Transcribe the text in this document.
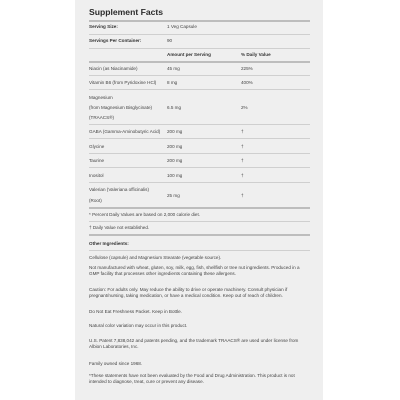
Supplement Facts
Serving Size:	1 Veg Capsule
Servings Per Container:	90
Amount per Serving	% Daily Value
Niacin (as Niacinamide)	45 mg	225%
Vitamin B6 (from Pyridoxine HCl) 8 mg	400%
Magnesium
(from Magnesium Bisglycinate)
(TRAACS®)
6.5 mg	2%
GABA (Gamma-Aminobutyric Acid) 200 mg	†
Glycine	200 mg	†
Taurine	200 mg	†
Inositol	100 mg	†
Valerian (Valeriana officinalis)
(Root)
25 mg	†
* Percent Daily Values are based on 2,000 calorie diet.
† Daily Value not established.
Other Ingredients:
Cellulose (capsule) and Magnesium Stearate (vegetable source).
Not manufactured with wheat, gluten, soy, milk, egg, fish, shellfish or tree nut ingredients. Produced in a GMP facility that processes other ingredients containing these allergens.
Caution: For adults only. May reduce the ability to drive or operate machinery. Consult physician if pregnant/nursing, taking medication, or have a medical condition. Keep out of reach of children.
Do Not Eat Freshness Packet. Keep in Bottle.
Natural color variation may occur in this product.
U.S. Patent 7,838,042 and patents pending, and the trademark TRAACS® are used under license from Albion Laboratories, Inc.
Family owned since 1968.
*These statements have not been evaluated by the Food and Drug Administration. This product is not intended to diagnose, treat, cure or prevent any disease.
